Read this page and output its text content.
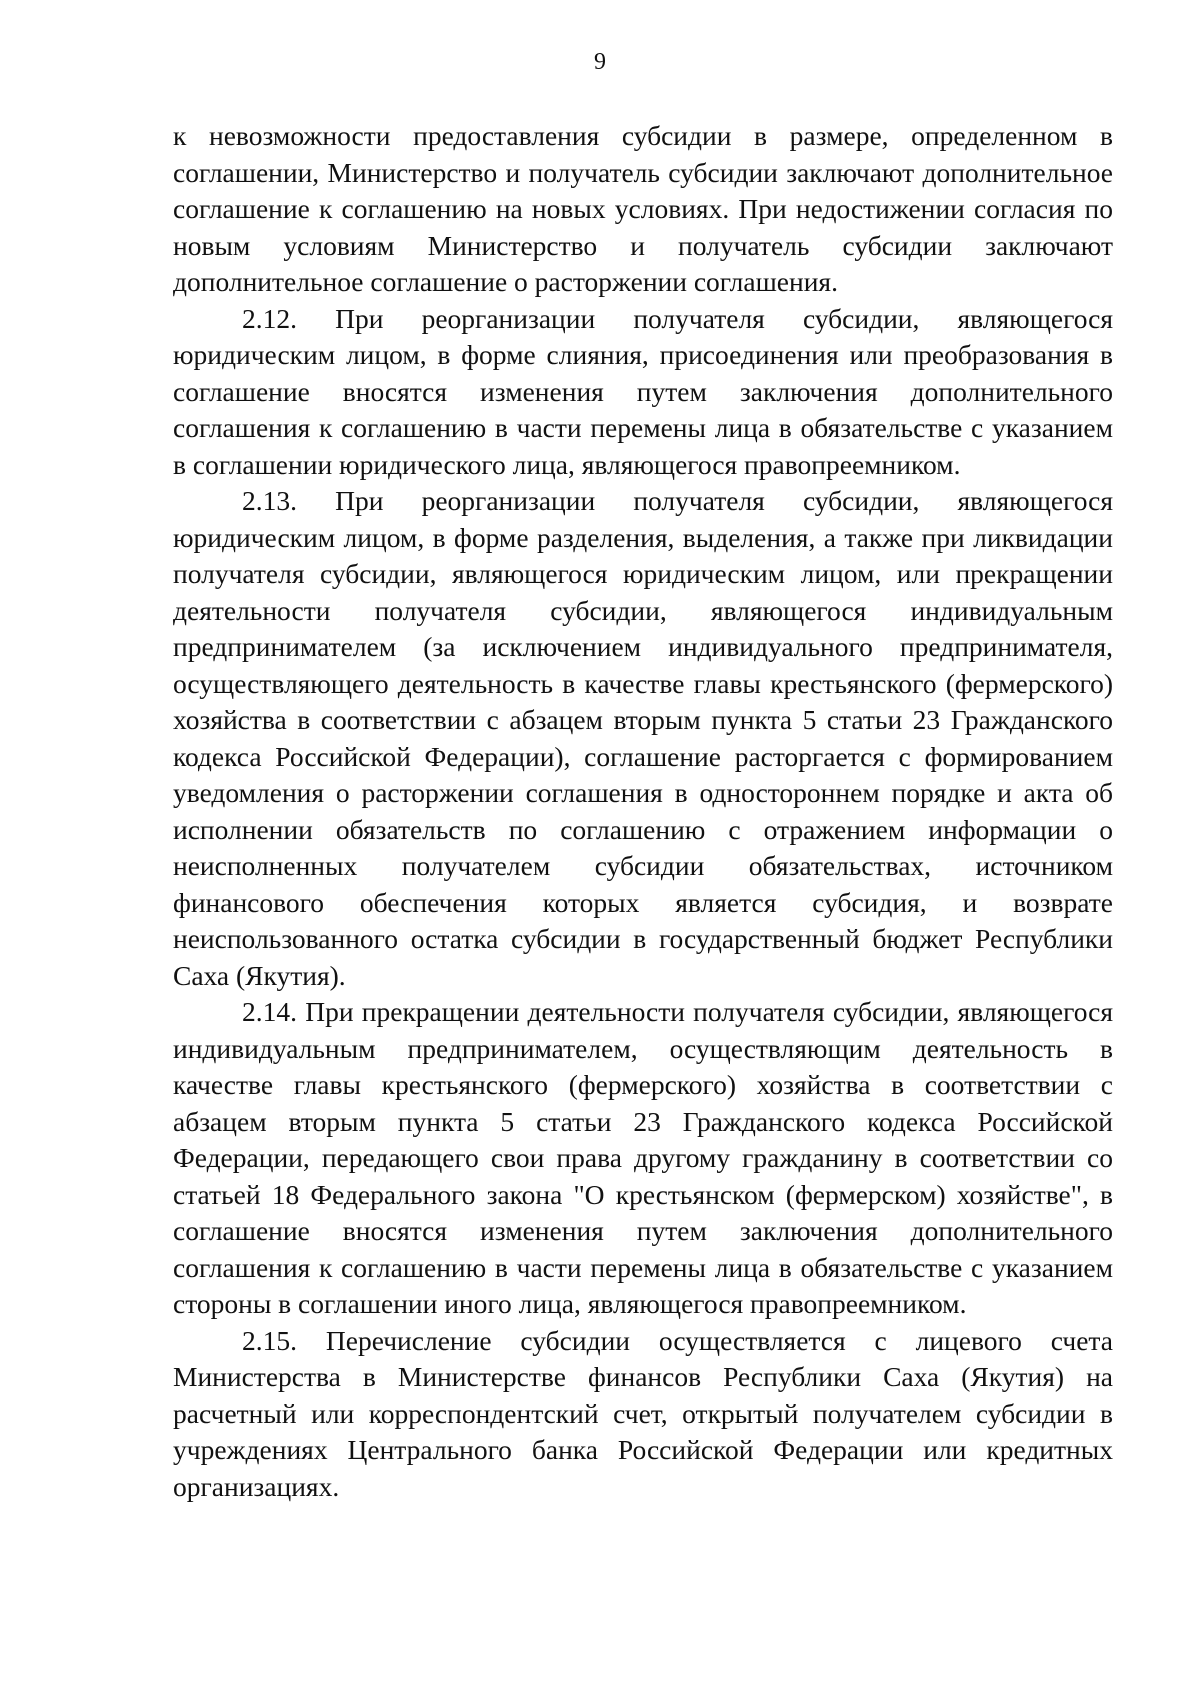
9

к невозможности предоставления субсидии в размере, определенном в соглашении, Министерство и получатель субсидии заключают дополнительное соглашение к соглашению на новых условиях. При недостижении согласия по новым условиям Министерство и получатель субсидии заключают дополнительное соглашение о расторжении соглашения.

2.12. При реорганизации получателя субсидии, являющегося юридическим лицом, в форме слияния, присоединения или преобразования в соглашение вносятся изменения путем заключения дополнительного соглашения к соглашению в части перемены лица в обязательстве с указанием в соглашении юридического лица, являющегося правопреемником.

2.13. При реорганизации получателя субсидии, являющегося юридическим лицом, в форме разделения, выделения, а также при ликвидации получателя субсидии, являющегося юридическим лицом, или прекращении деятельности получателя субсидии, являющегося индивидуальным предпринимателем (за исключением индивидуального предпринимателя, осуществляющего деятельность в качестве главы крестьянского (фермерского) хозяйства в соответствии с абзацем вторым пункта 5 статьи 23 Гражданского кодекса Российской Федерации), соглашение расторгается с формированием уведомления о расторжении соглашения в одностороннем порядке и акта об исполнении обязательств по соглашению с отражением информации о неисполненных получателем субсидии обязательствах, источником финансового обеспечения которых является субсидия, и возврате неиспользованного остатка субсидии в государственный бюджет Республики Саха (Якутия).

2.14. При прекращении деятельности получателя субсидии, являющегося индивидуальным предпринимателем, осуществляющим деятельность в качестве главы крестьянского (фермерского) хозяйства в соответствии с абзацем вторым пункта 5 статьи 23 Гражданского кодекса Российской Федерации, передающего свои права другому гражданину в соответствии со статьей 18 Федерального закона "О крестьянском (фермерском) хозяйстве", в соглашение вносятся изменения путем заключения дополнительного соглашения к соглашению в части перемены лица в обязательстве с указанием стороны в соглашении иного лица, являющегося правопреемником.

2.15. Перечисление субсидии осуществляется с лицевого счета Министерства в Министерстве финансов Республики Саха (Якутия) на расчетный или корреспондентский счет, открытый получателем субсидии в учреждениях Центрального банка Российской Федерации или кредитных организациях.
